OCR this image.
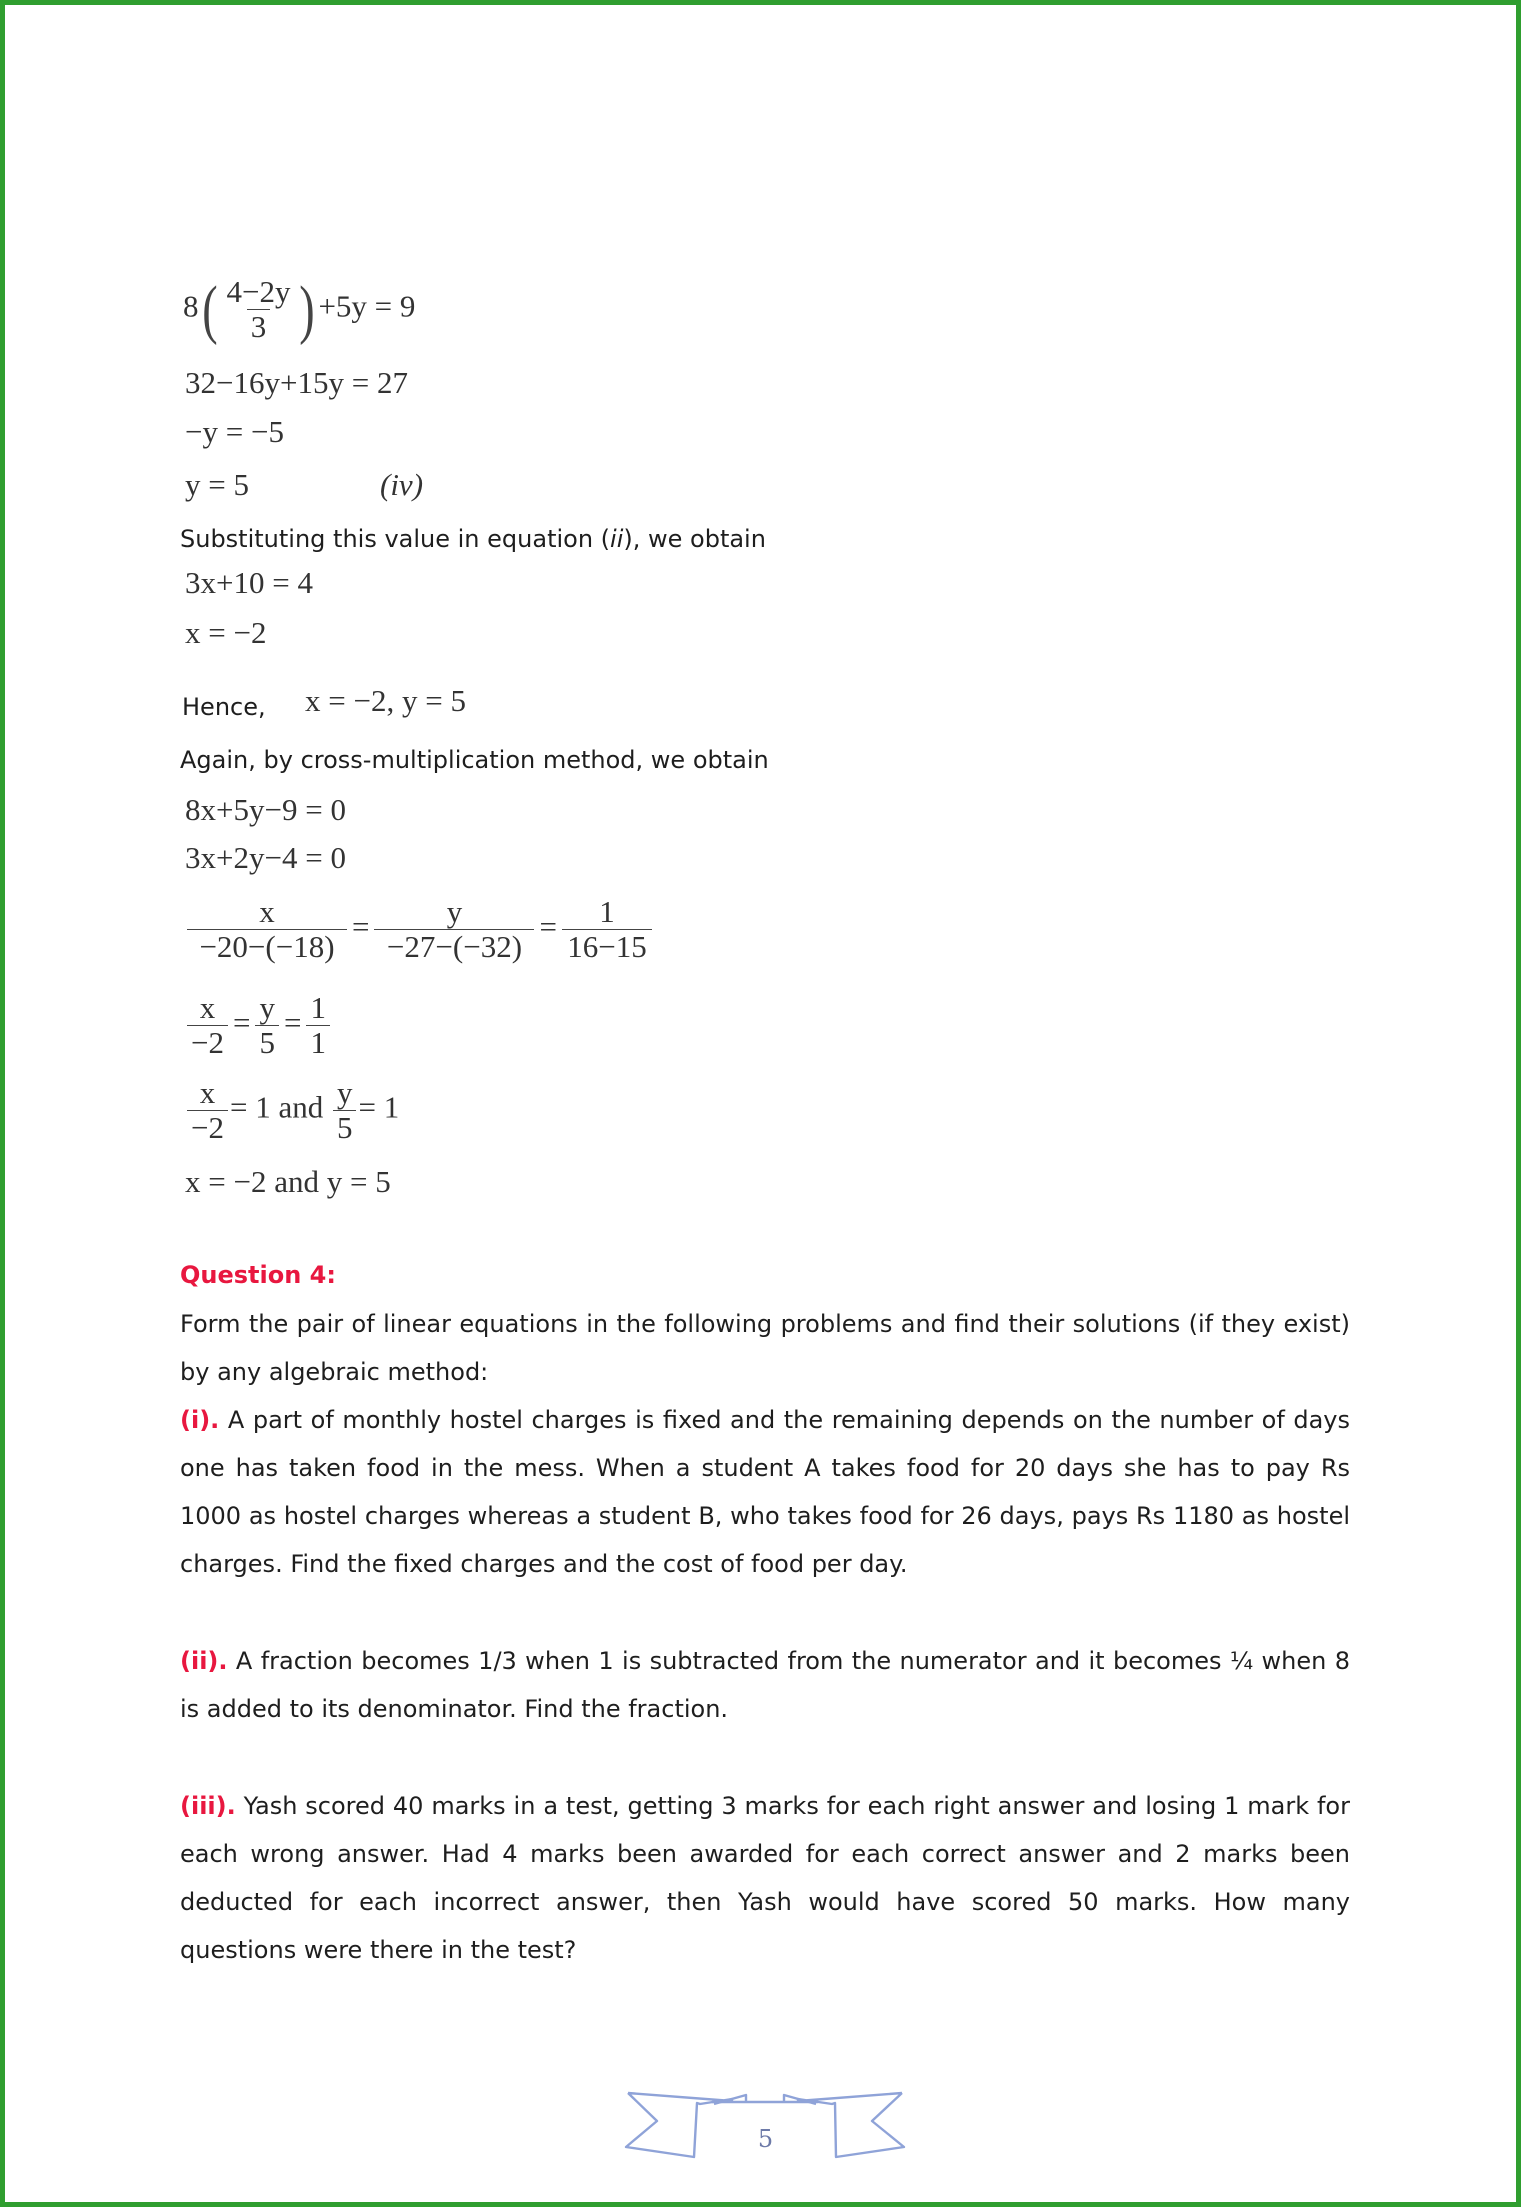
$8( \frac{4-2y}{3}$ ) +5y = 9
32−16y+15y = 27
−y = −5
y = 5	(iv)
Substituting this value in equation (ii), we obtain
3x+10 = 4
x = −2
Hence, x = −2, y = 5
Again, by cross-multiplication method, we obtain
8x+5y−9 = 0
3x+2y−4 = 0
$\frac{x}{-20-(-18)} = \frac{y}{-27-(-32)} = \frac{1}{16-15}$
$\frac{x}{-2} = \frac{y}{5} = \frac{1}{1}$
$\frac{x}{-2} = 1$ and $\frac{y}{5} = 1$
x = −2 and y = 5
Question 4:
Form the pair of linear equations in the following problems and find their solutions (if they exist) by any algebraic method:
(i). A part of monthly hostel charges is fixed and the remaining depends on the number of days one has taken food in the mess. When a student A takes food for 20 days she has to pay Rs 1000 as hostel charges whereas a student B, who takes food for 26 days, pays Rs 1180 as hostel charges. Find the fixed charges and the cost of food per day.
(ii). A fraction becomes 1/3 when 1 is subtracted from the numerator and it becomes ¼ when 8 is added to its denominator. Find the fraction.
(iii). Yash scored 40 marks in a test, getting 3 marks for each right answer and losing 1 mark for each wrong answer. Had 4 marks been awarded for each correct answer and 2 marks been deducted for each incorrect answer, then Yash would have scored 50 marks. How many questions were there in the test?
5
